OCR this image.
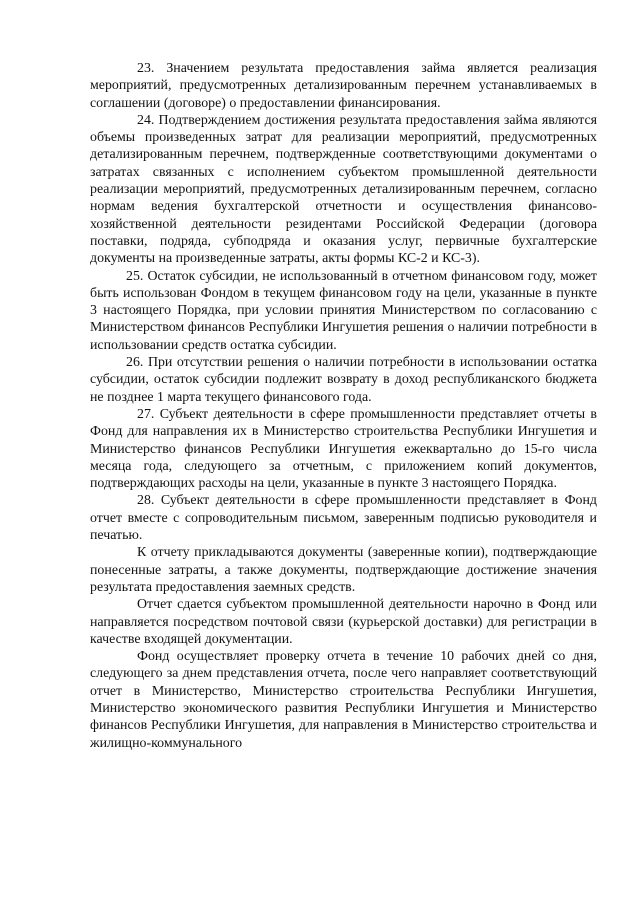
23. Значением результата предоставления займа является реализация мероприятий, предусмотренных детализированным перечнем устанавливаемых в соглашении (договоре) о предоставлении финансирования.

24. Подтверждением достижения результата предоставления займа являются объемы произведенных затрат для реализации мероприятий, предусмотренных детализированным перечнем, подтвержденные соответствующими документами о затратах связанных с исполнением субъектом промышленной деятельности реализации мероприятий, предусмотренных детализированным перечнем, согласно нормам ведения бухгалтерской отчетности и осуществления финансово-хозяйственной деятельности резидентами Российской Федерации (договора поставки, подряда, субподряда и оказания услуг, первичные бухгалтерские документы на произведенные затраты, акты формы КС-2 и КС-3).

25. Остаток субсидии, не использованный в отчетном финансовом году, может быть использован Фондом в текущем финансовом году на цели, указанные в пункте 3 настоящего Порядка, при условии принятия Министерством по согласованию с Министерством финансов Республики Ингушетия решения о наличии потребности в использовании средств остатка субсидии.

26. При отсутствии решения о наличии потребности в использовании остатка субсидии, остаток субсидии подлежит возврату в доход республиканского бюджета не позднее 1 марта текущего финансового года.

27. Субъект деятельности в сфере промышленности представляет отчеты в Фонд для направления их в Министерство строительства Республики Ингушетия и Министерство финансов Республики Ингушетия ежеквартально до 15-го числа месяца года, следующего за отчетным, с приложением копий документов, подтверждающих расходы на цели, указанные в пункте 3 настоящего Порядка.

28. Субъект деятельности в сфере промышленности представляет в Фонд отчет вместе с сопроводительным письмом, заверенным подписью руководителя и печатью.

К отчету прикладываются документы (заверенные копии), подтверждающие понесенные затраты, а также документы, подтверждающие достижение значения результата предоставления заемных средств.

Отчет сдается субъектом промышленной деятельности нарочно в Фонд или направляется посредством почтовой связи (курьерской доставки) для регистрации в качестве входящей документации.

Фонд осуществляет проверку отчета в течение 10 рабочих дней со дня, следующего за днем представления отчета, после чего направляет соответствующий отчет в Министерство, Министерство строительства Республики Ингушетия, Министерство экономического развития Республики Ингушетия и Министерство финансов Республики Ингушетия, для направления в Министерство строительства и жилищно-коммунального
